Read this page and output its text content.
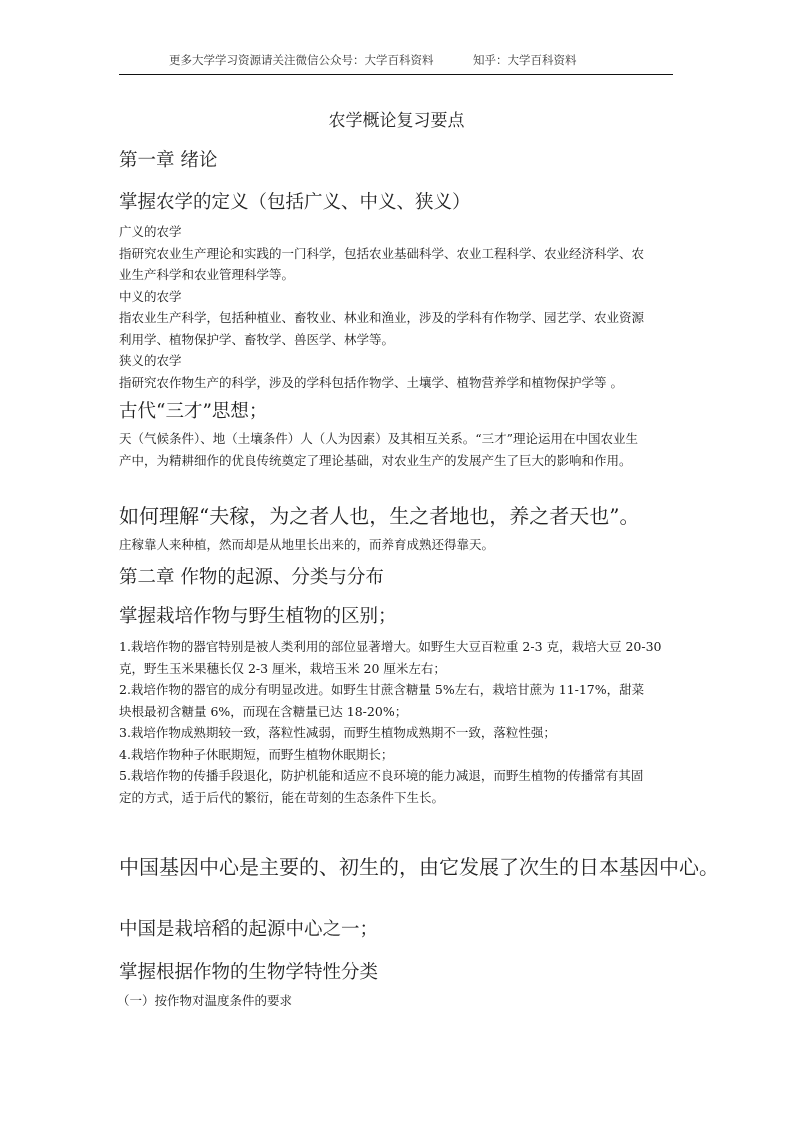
更多大学学习资源请关注微信公众号：大学百科资料	知乎：大学百科资料
农学概论复习要点
第一章 绪论
掌握农学的定义（包括广义、中义、狭义）
广义的农学
指研究农业生产理论和实践的一门科学，包括农业基础科学、农业工程科学、农业经济科学、农
业生产科学和农业管理科学等。
中义的农学
指农业生产科学，包括种植业、畜牧业、林业和渔业，涉及的学科有作物学、园艺学、农业资源
利用学、植物保护学、畜牧学、兽医学、林学等。
狭义的农学
指研究农作物生产的科学，涉及的学科包括作物学、土壤学、植物营养学和植物保护学等 。
古代“三才”思想；
天（气候条件）、地（土壤条件）人（人为因素）及其相互关系。“三才”理论运用在中国农业生
产中，为精耕细作的优良传统奠定了理论基础，对农业生产的发展产生了巨大的影响和作用。
如何理解“夫稼，为之者人也，生之者地也，养之者天也”。
庄稼靠人来种植，然而却是从地里长出来的，而养育成熟还得靠天。
第二章 作物的起源、分类与分布
掌握栽培作物与野生植物的区别；
1.栽培作物的器官特别是被人类利用的部位显著增大。如野生大豆百粒重 2-3 克，栽培大豆 20-30
克，野生玉米果穗长仅 2-3 厘米，栽培玉米 20 厘米左右；
2.栽培作物的器官的成分有明显改进。如野生甘蔗含糖量 5%左右，栽培甘蔗为 11-17%，甜菜
块根最初含糖量 6%，而现在含糖量已达 18-20%；
3.栽培作物成熟期较一致，落粒性减弱，而野生植物成熟期不一致，落粒性强；
4.栽培作物种子休眠期短，而野生植物休眠期长；
5.栽培作物的传播手段退化，防护机能和适应不良环境的能力减退，而野生植物的传播常有其固
定的方式，适于后代的繁衍，能在苛刻的生态条件下生长。
中国基因中心是主要的、初生的，由它发展了次生的日本基因中心。
中国是栽培稻的起源中心之一；
掌握根据作物的生物学特性分类
（一）按作物对温度条件的要求
